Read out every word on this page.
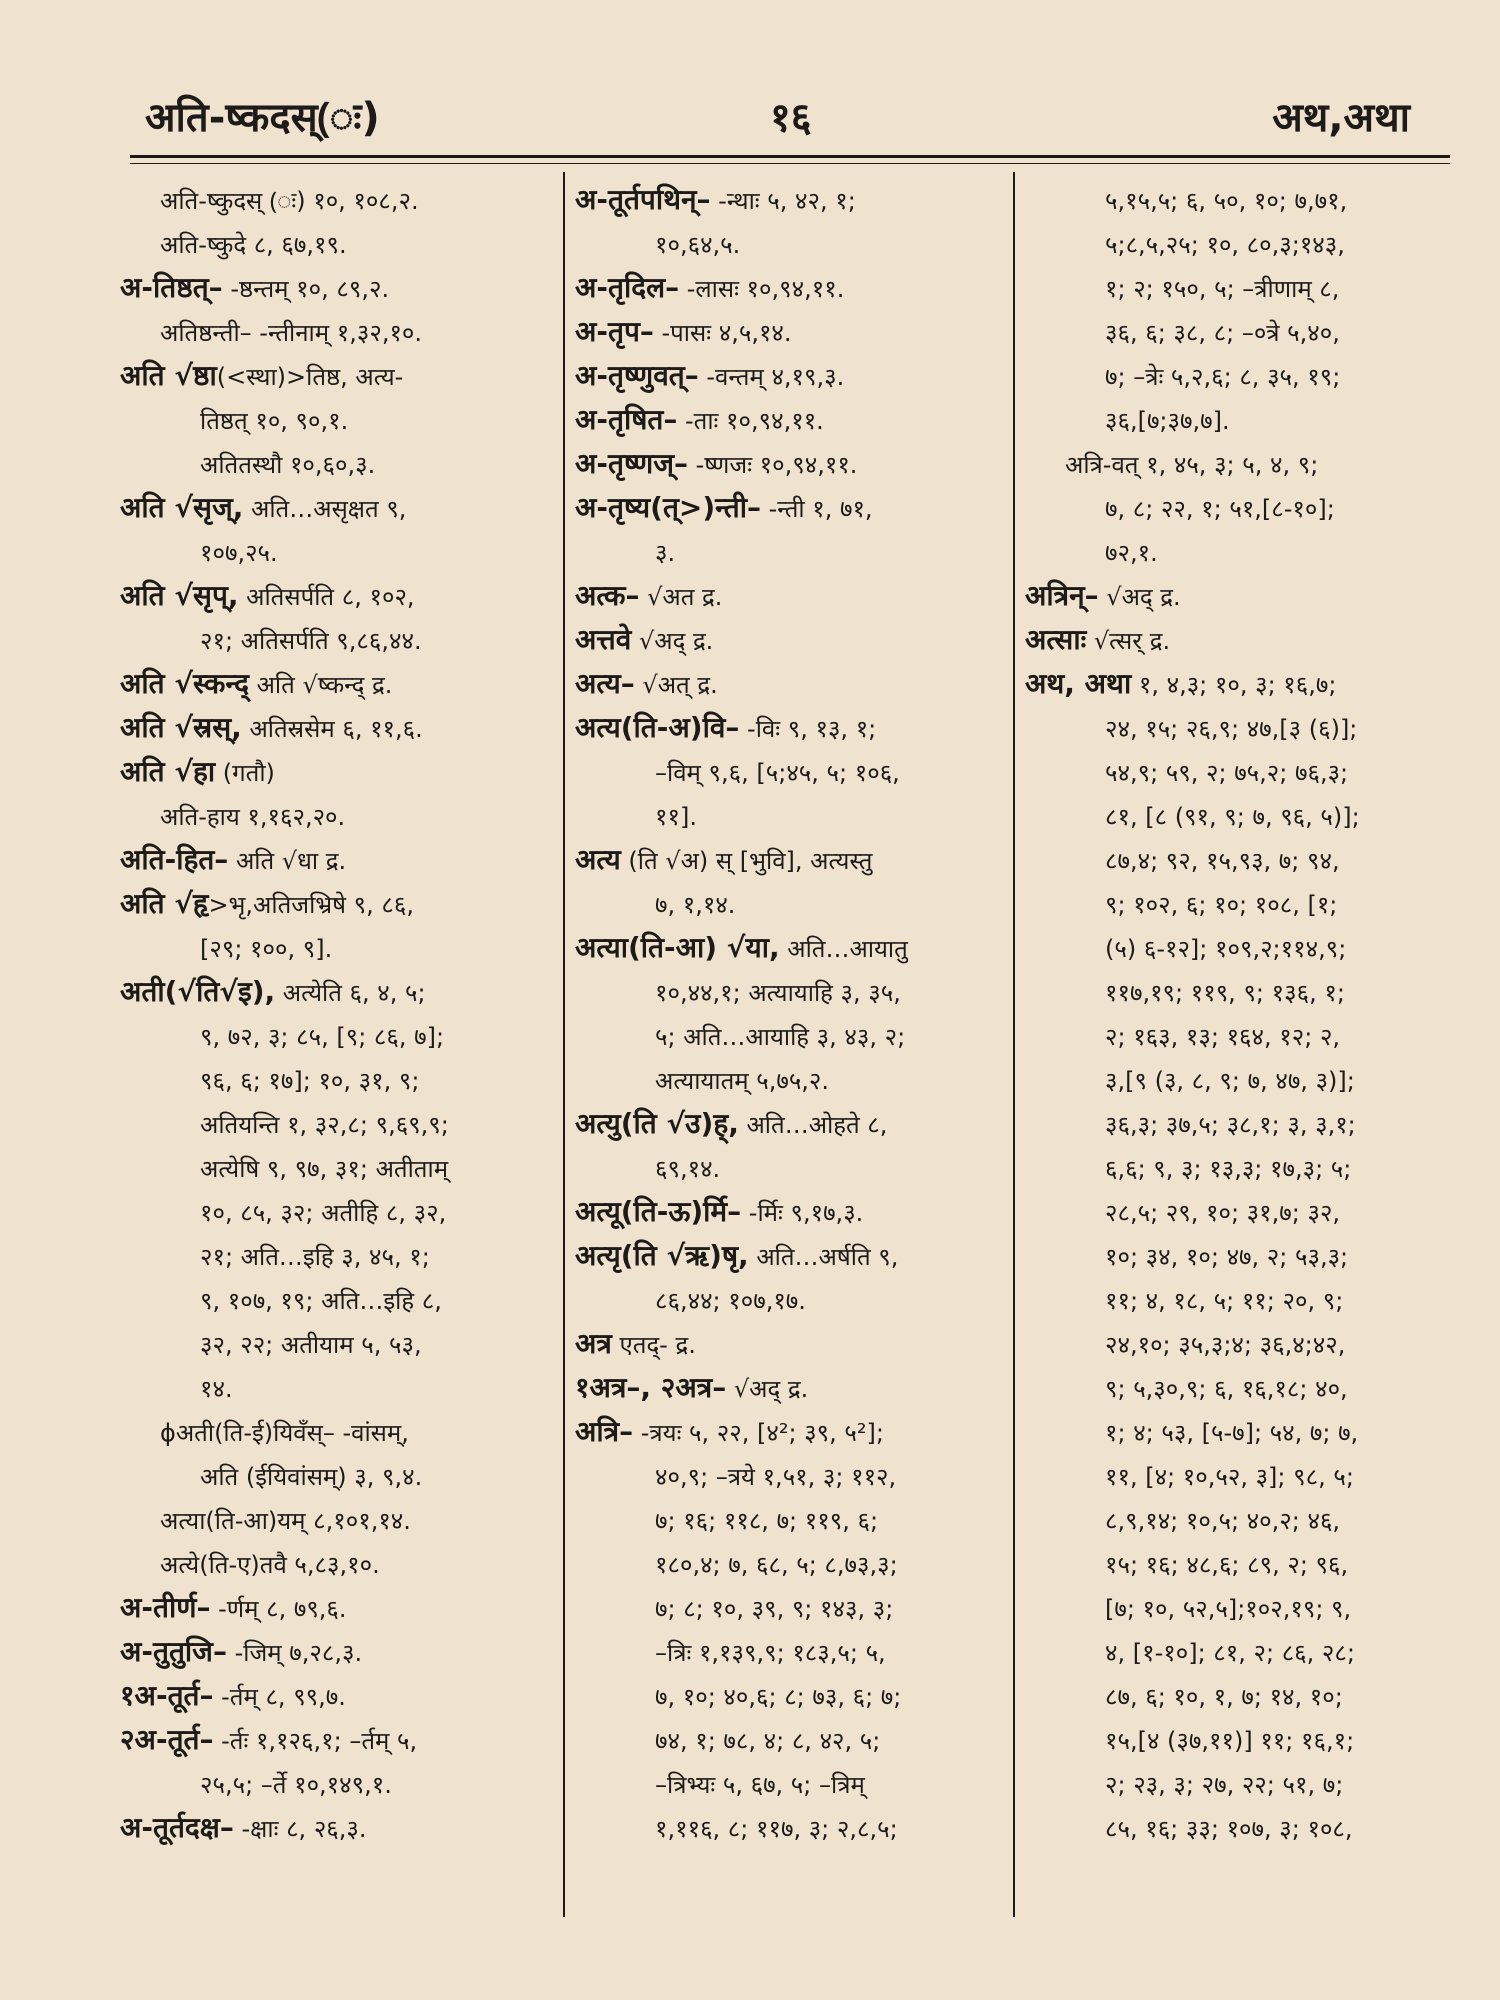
अति-ष्कदस्(ः)	१६	अथ,अथा
अति-ष्कुदस् (ः) १०, १०८,२.
अति-ष्कुदे ८, ६७,१९.
अ-तिष्ठत्– -ष्ठन्तम् १०, ८९,२.
अतिष्ठन्ती– -न्तीनाम् १,३२,१०.
अति √ष्ठा(<स्था)>तिष्ठ, अत्य-
तिष्ठत् १०, ९०,१.
अतितस्थौ १०,६०,३.
अति √सृज्, अति…असृक्षत ९,
१०७,२५.
अति √सृप्, अतिसर्पति ८, १०२,
२१; अतिसर्पति ९,८६,४४.
अति √स्कन्द् अति √ष्कन्द् द्र.
अति √स्रस्, अतिस्रसेम ६, ११,६.
अति √हा (गतौ)
अति-हाय १,१६२,२०.
अति-हित– अति √धा द्र.
अति √हृ>भृ,अतिजभ्रिषे ९, ८६,
[२९; १००, ९].
अती(√ति√इ), अत्येति ६, ४, ५;
९, ७२, ३; ८५, [९; ८६, ७];
९६, ६; १७]; १०, ३१, ९;
अतियन्ति १, ३२,८; ९,६९,९;
अत्येषि ९, ९७, ३१; अतीताम्
१०, ८५, ३२; अतीहि ८, ३२,
२१; अति…इहि ३, ४५, १;
९, १०७, १९; अति…इहि ८,
३२, २२; अतीयाम ५, ५३,
१४.
ϕअती(ति-ई)यिवँस्– -वांसम्,
अति (ईयिवांसम्) ३, ९,४.
अत्या(ति-आ)यम् ८,१०१,१४.
अत्ये(ति-ए)तवै ५,८३,१०.
अ-तीर्ण– -र्णम् ८, ७९,६.
अ-तुतुजि– -जिम् ७,२८,३.
१अ-तूर्त– -र्तम् ८, ९९,७.
२अ-तूर्त– -र्तः १,१२६,१; –र्तम् ५,
२५,५; –र्ते १०,१४९,१.
अ-तूर्तदक्ष– -क्षाः ८, २६,३.
अ-तूर्तपथिन्– -न्थाः ५, ४२, १;
१०,६४,५.
अ-तृदिल– -लासः १०,९४,११.
अ-तृप– -पासः ४,५,१४.
अ-तृष्णुवत्– -वन्तम् ४,१९,३.
अ-तृषित– -ताः १०,९४,११.
अ-तृष्णज्– -ष्णजः १०,९४,११.
अ-तृष्य(त्>)न्ती– -न्ती १, ७१,
३.
अत्क– √अत द्र.
अत्तवे √अद् द्र.
अत्य– √अत् द्र.
अत्य(ति-अ)वि– -विः ९, १३, १;
–विम् ९,६, [५;४५, ५; १०६,
११].
अत्य (ति √अ) स् [भुवि], अत्यस्तु
७, १,१४.
अत्या(ति-आ) √या, अति…आयातु
१०,४४,१; अत्यायाहि ३, ३५,
५; अति…आयाहि ३, ४३, २;
अत्यायातम् ५,७५,२.
अत्यु(ति √उ)ह्, अति…ओहते ८,
६९,१४.
अत्यू(ति-ऊ)र्मि– -र्मिः ९,१७,३.
अत्यृ(ति √ऋ)षृ, अति…अर्षति ९,
८६,४४; १०७,१७.
अत्र एतद्- द्र.
१अत्र–, २अत्र– √अद् द्र.
अत्रि– -त्रयः ५, २२, [४²; ३९, ५²];
४०,९; –त्रये १,५१, ३; ११२,
७; १६; ११८, ७; ११९, ६;
१८०,४; ७, ६८, ५; ८,७३,३;
७; ८; १०, ३९, ९; १४३, ३;
–त्रिः १,१३९,९; १८३,५; ५,
७, १०; ४०,६; ८; ७३, ६; ७;
७४, १; ७८, ४; ८, ४२, ५;
–त्रिभ्यः ५, ६७, ५; –त्रिम्
१,११६, ८; ११७, ३; २,८,५;
५,१५,५; ६, ५०, १०; ७,७१,
५;८,५,२५; १०, ८०,३;१४३,
१; २; १५०, ५; –त्रीणाम् ८,
३६, ६; ३८, ८; –०त्रे ५,४०,
७; –त्रेः ५,२,६; ८, ३५, १९;
३६,[७;३७,७].
अत्रि-वत् १, ४५, ३; ५, ४, ९;
७, ८; २२, १; ५१,[८-१०];
७२,१.
अत्रिन्– √अद् द्र.
अत्साः √त्सर् द्र.
अथ, अथा १, ४,३; १०, ३; १६,७;
२४, १५; २६,९; ४७,[३ (६)];
५४,९; ५९, २; ७५,२; ७६,३;
८१, [८ (९१, ९; ७, ९६, ५)];
८७,४; ९२, १५,९३, ७; ९४,
९; १०२, ६; १०; १०८, [१;
(५) ६-१२]; १०९,२;११४,९;
११७,१९; ११९, ९; १३६, १;
२; १६३, १३; १६४, १२; २,
३,[९ (३, ८, ९; ७, ४७, ३)];
३६,३; ३७,५; ३८,१; ३, ३,१;
६,६; ९, ३; १३,३; १७,३; ५;
२८,५; २९, १०; ३१,७; ३२,
१०; ३४, १०; ४७, २; ५३,३;
११; ४, १८, ५; ११; २०, ९;
२४,१०; ३५,३;४; ३६,४;४२,
९; ५,३०,९; ६, १६,१८; ४०,
१; ४; ५३, [५-७]; ५४, ७; ७,
११, [४; १०,५२, ३]; ९८, ५;
८,९,१४; १०,५; ४०,२; ४६,
१५; १६; ४८,६; ८९, २; ९६,
[७; १०, ५२,५];१०२,१९; ९,
४, [१-१०]; ८१, २; ८६, २८;
८७, ६; १०, १, ७; १४, १०;
१५,[४ (३७,११)] ११; १६,१;
२; २३, ३; २७, २२; ५१, ७;
८५, १६; ३३; १०७, ३; १०८,
